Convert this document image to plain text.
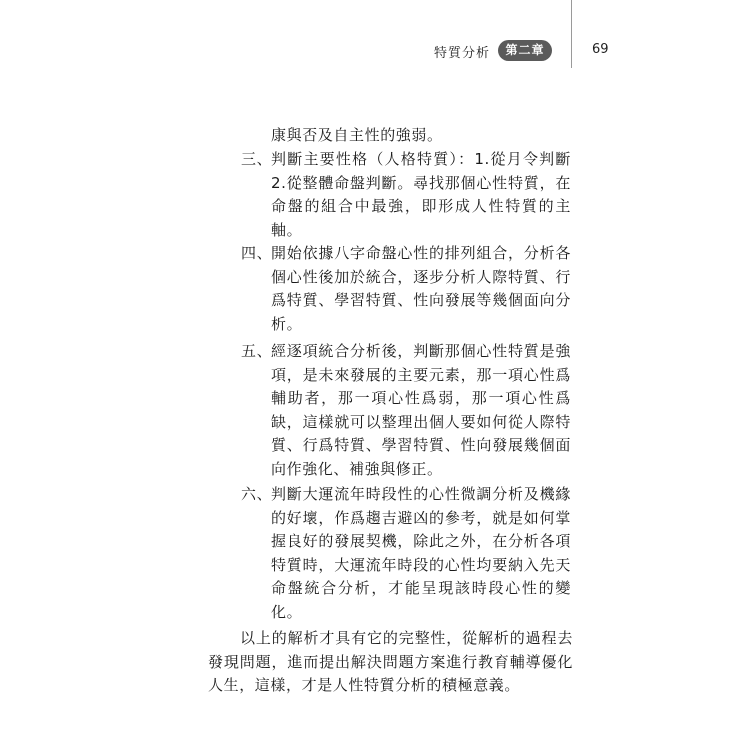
特質分析	第二章	69

康與否及自主性的強弱。

三、
判斷主要性格（人格特質）：1.從月令判斷2.從整體命盤判斷。尋找那個心性特質，在命盤的組合中最強，即形成人性特質的主軸。
四、
開始依據八字命盤心性的排列組合，分析各個心性後加於統合，逐步分析人際特質、行爲特質、學習特質、性向發展等幾個面向分析。
五、
經逐項統合分析後，判斷那個心性特質是強項，是未來發展的主要元素，那一項心性爲輔助者，那一項心性爲弱，那一項心性爲缺，這樣就可以整理出個人要如何從人際特質、行爲特質、學習特質、性向發展幾個面向作強化、補強與修正。
六、
判斷大運流年時段性的心性微調分析及機緣的好壞，作爲趨吉避凶的參考，就是如何掌握良好的發展契機，除此之外，在分析各項特質時，大運流年時段的心性均要納入先天命盤統合分析，才能呈現該時段心性的變化。

以上的解析才具有它的完整性，從解析的過程去發現問題，進而提出解決問題方案進行教育輔導優化人生，這樣，才是人性特質分析的積極意義。
